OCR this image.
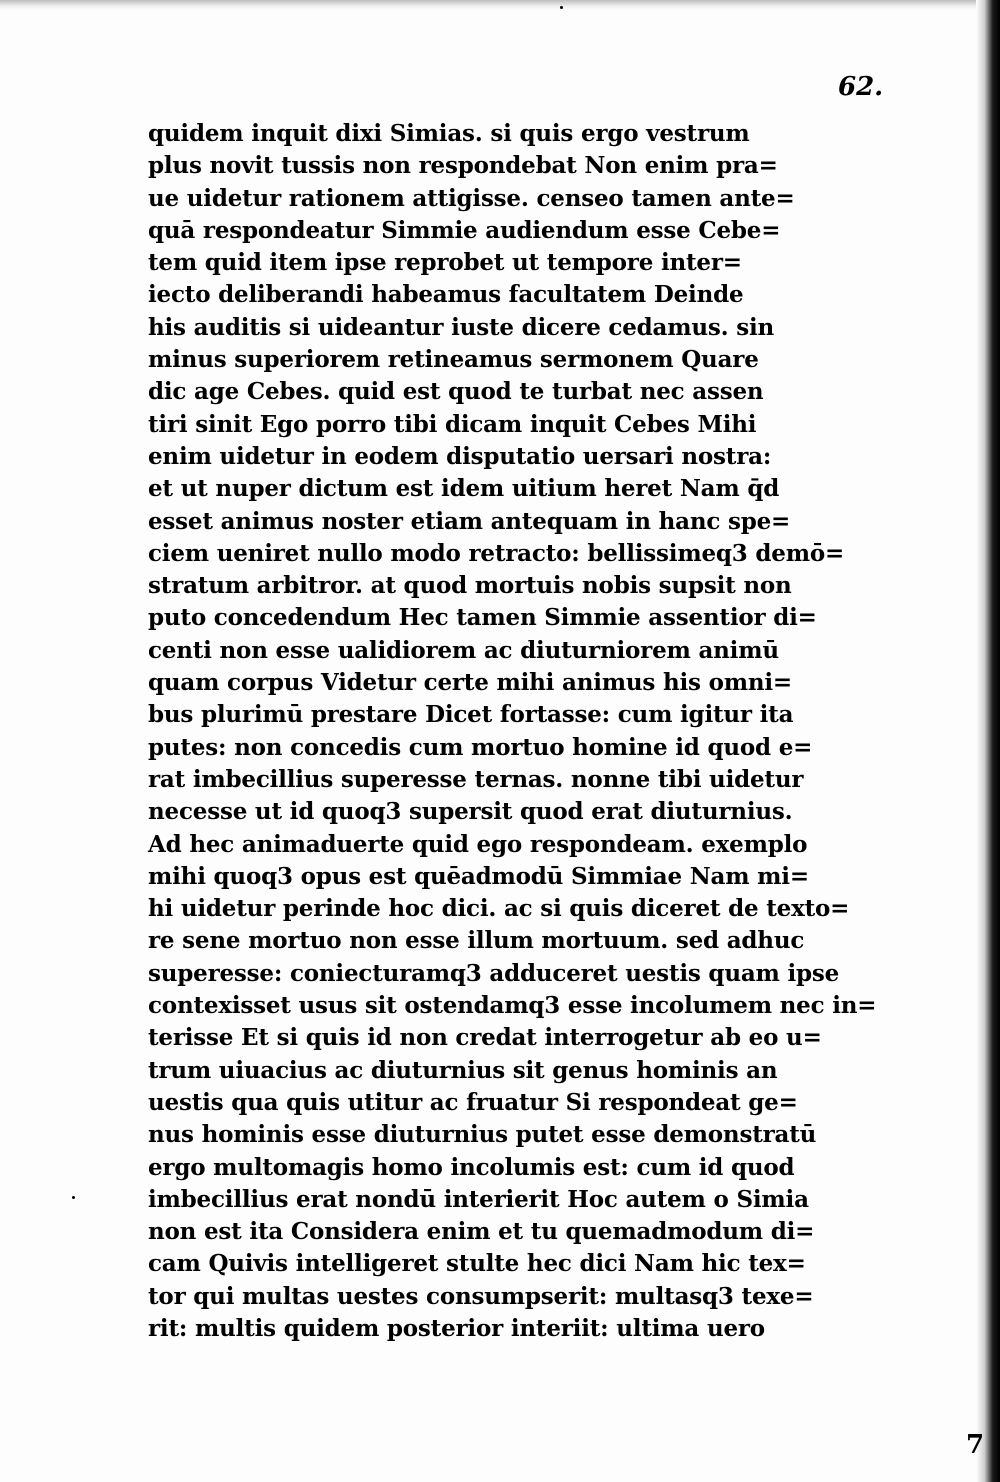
62.
quidem inquit dixi Simias. si quis ergo vestrum
plus novit tussis non respondebat Non enim pra=
ue uidetur rationem attigisse. censeo tamen ante=
quā respondeatur Simmie audiendum esse Cebe=
tem quid item ipse reprobet ut tempore inter=
iecto deliberandi habeamus facultatem Deinde
his auditis si uideantur iuste dicere cedamus. sin
minus superiorem retineamus sermonem Quare
dic age Cebes. quid est quod te turbat nec assen
tiri sinit Ego porro tibi dicam inquit Cebes Mihi
enim uidetur in eodem disputatio uersari nostra:
et ut nuper dictum est idem uitium heret Nam q̄d
esset animus noster etiam antequam in hanc spe=
ciem ueniret nullo modo retracto: bellissimeq3 demō=
stratum arbitror. at quod mortuis nobis supsit non
puto concedendum Hec tamen Simmie assentior di=
centi non esse ualidiorem ac diuturniorem animū
quam corpus Videtur certe mihi animus his omni=
bus plurimū prestare Dicet fortasse: cum igitur ita
putes: non concedis cum mortuo homine id quod e=
rat imbecillius superesse ternas. nonne tibi uidetur
necesse ut id quoq3 supersit quod erat diuturnius.
Ad hec animaduerte quid ego respondeam. exemplo
mihi quoq3 opus est quēadmodū Simmiae Nam mi=
hi uidetur perinde hoc dici. ac si quis diceret de texto=
re sene mortuo non esse illum mortuum. sed adhuc
superesse: coniecturamq3 adduceret uestis quam ipse
contexisset usus sit ostendamq3 esse incolumem nec in=
terisse Et si quis id non credat interrogetur ab eo u=
trum uiuacius ac diuturnius sit genus hominis an
uestis qua quis utitur ac fruatur Si respondeat ge=
nus hominis esse diuturnius putet esse demonstratū
ergo multomagis homo incolumis est: cum id quod
imbecillius erat nondū interierit Hoc autem o Simia
non est ita Considera enim et tu quemadmodum di=
cam Quivis intelligeret stulte hec dici Nam hic tex=
tor qui multas uestes consumpserit: multasq3 texe=
rit: multis quidem posterior interiit: ultima uero
7
